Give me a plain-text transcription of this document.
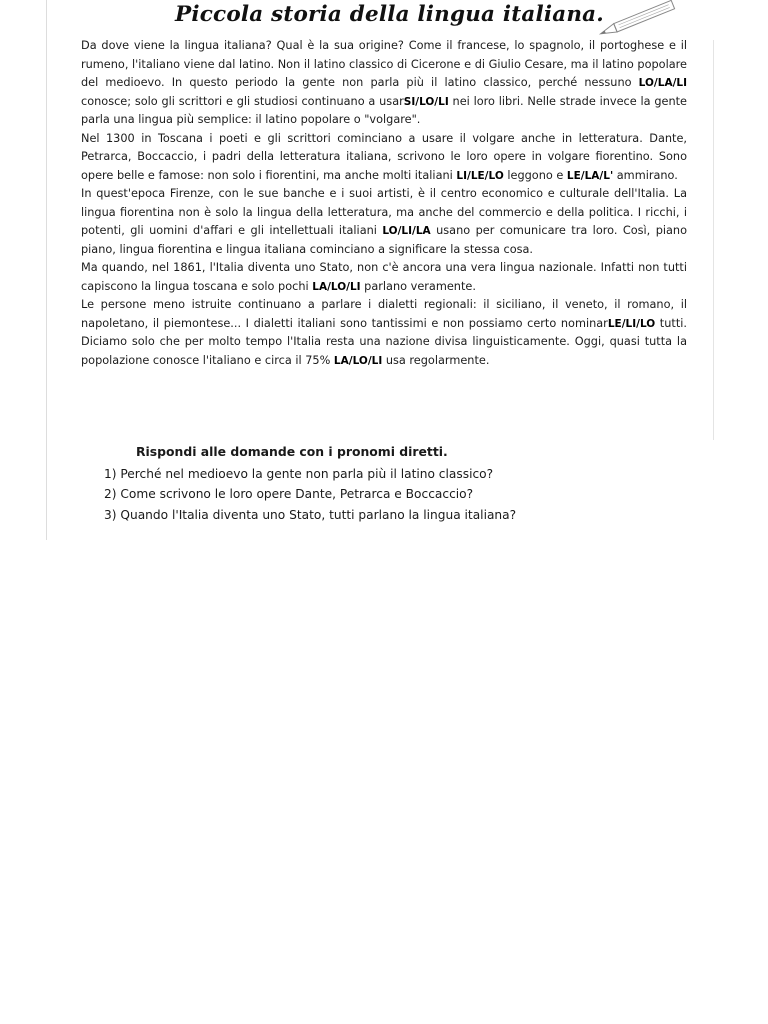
Piccola storia della lingua italiana.

Da dove viene la lingua italiana? Qual è la sua origine? Come il francese, lo spagnolo, il portoghese e il rumeno, l'italiano viene dal latino. Non il latino classico di Cicerone e di Giulio Cesare, ma il latino popolare del medioevo. In questo periodo la gente non parla più il latino classico, perché nessuno LO/LA/LI conosce; solo gli scrittori e gli studiosi continuano a usarSI/LO/LI nei loro libri. Nelle strade invece la gente parla una lingua più semplice: il latino popolare o "volgare".

Nel 1300 in Toscana i poeti e gli scrittori cominciano a usare il volgare anche in letteratura. Dante, Petrarca, Boccaccio, i padri della letteratura italiana, scrivono le loro opere in volgare fiorentino. Sono opere belle e famose: non solo i fiorentini, ma anche molti italiani LI/LE/LO leggono e LE/LA/L' ammirano.

In quest'epoca Firenze, con le sue banche e i suoi artisti, è il centro economico e culturale dell'Italia. La lingua fiorentina non è solo la lingua della letteratura, ma anche del commercio e della politica. I ricchi, i potenti, gli uomini d'affari e gli intellettuali italiani LO/LI/LA usano per comunicare tra loro. Così, piano piano, lingua fiorentina e lingua italiana cominciano a significare la stessa cosa.

Ma quando, nel 1861, l'Italia diventa uno Stato, non c'è ancora una vera lingua nazionale. Infatti non tutti capiscono la lingua toscana e solo pochi LA/LO/LI parlano veramente.

Le persone meno istruite continuano a parlare i dialetti regionali: il siciliano, il veneto, il romano, il napoletano, il piemontese... I dialetti italiani sono tantissimi e non possiamo certo nominarLE/LI/LO tutti. Diciamo solo che per molto tempo l'Italia resta una nazione divisa linguisticamente. Oggi, quasi tutta la popolazione conosce l'italiano e circa il 75% LA/LO/LI usa regolarmente.

Rispondi alle domande con i pronomi diretti.

1) Perché nel medioevo la gente non parla più il latino classico?

2) Come scrivono le loro opere Dante, Petrarca e Boccaccio?

3) Quando l'Italia diventa uno Stato, tutti parlano la lingua italiana?
